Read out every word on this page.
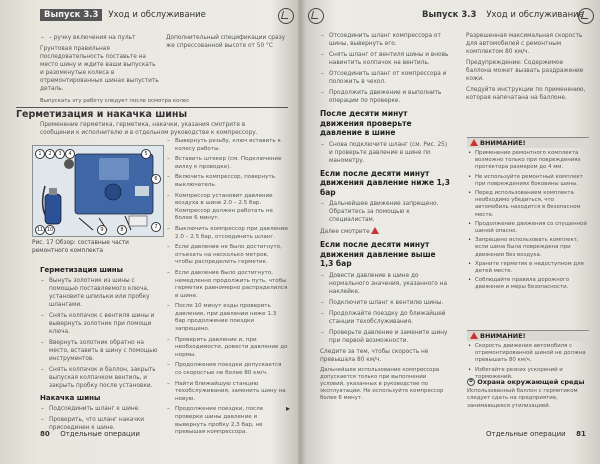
Выпуск 3.3 Уход и обслуживание
– – ручку включения на пульт

Грунтовая правильная последовательность поставьте на место шину и ждите ваши выпускать и разомкнутые колеса в отремонтированных шинах выпустить деталь.

Дополнительный спецификации сразу же спрессованной высоте от 50 °С

Выпускать эту работу следует после осмотра колес
Герметизация и накачка шины
Применение герметика, герметика, накачки, указания смотрите в сообщении к исполнителю и в отдельном руководстве к компрессору.
1	2	3	4	5
6
7
8
9
10
11
Рис. 17 Обзор: составные части ремонтного комплекта
Герметизация шины
– Вынуть золотник из шины с помощью поставляемого ключа, установите шпильки или пробку шлангами.
– Снять колпачок с вентиля шины и вывернуть золотник при помощи ключа.
– Ввернуть золотник обратно на место, вставить в шину с помощью инструментов.
– Снять колпачок и баллон, закрыть выпуская колпачком вентиль, и закрыть пробку после установки.
Накачка шины
– Подсоединить шланг к шине.
– Проверить, что шланг накачки присоединен к шине.
– Вывернуть резьбу, ключ вставить к колесу работы.
– Вставить штекер (см. Подключение вилку к проводке).
– Включить компрессор, повернуть выключатель.
– Компрессор установит давление воздуха в шине 2.0 – 2.5 бар. Компрессор должен работать не более 6 минут.
– Выключить компрессор при давлении 2.0 – 2.5 бар, отсоединить шланг.
– Если давление не было достигнуто, отъехать на несколько метров, чтобы распределить герметик.
– Если давление было достигнуто, немедленно продолжить путь, чтобы герметик равномерно распределился в шине.
– После 10 минут езды проверить давление, при давлении ниже 1.3 бар продолжение поездки запрещено.
– Проверить давление и, при необходимости, довести давление до нормы.
– Продолжение поездки допускается со скоростью не более 80 км/ч.
– Найти ближайшую станцию техобслуживания, заменить шину на новую.
– Продолжение поездки, после проверки шины давление и вывернуть пробку 2,3 бар, не превышая компрессора.
▸
80 Отдельные операции
Выпуск 3.3 Уход и обслуживание
– Отсоединить шланг компрессора от шины, вывернуть его.
– Снять шланг от вентиля шины и вновь навинтить колпачок на вентиль.
– Отсоединить шланг от компрессора и положить в чехол.
– Продолжить движение и выполнить операции по проверке.
После десяти минут движения проверьте давление в шине
– Снова подключите шланг (см. Рис. 25) и проверьте давление в шине по манометру.
Если после десяти минут движения давление ниже 1,3 бар
– Дальнейшее движение запрещено. Обратитесь за помощью к специалистам.

Далее смотрите

Если после десяти минут движения давление выше 1,3 бар
– Довести давление в шине до нормального значения, указанного на наклейке.
– Подключите шланг к вентилю шины.
– Продолжайте поездку до ближайшей станции техобслуживания.
– Проверьте давление и замените шину при первой возможности.

Следите за тем, чтобы скорость не превышала 80 км/ч.

Дальнейшее использование компрессора допускается только при выполнении условий, указанных в руководстве по эксплуатации. Не используйте компрессор более 6 минут.

Разрешенная максимальная скорость для автомобилей с ремонтным комплектом 80 км/ч.

Предупреждение: Содержимое баллона может вызвать раздражение кожи.

Следуйте инструкции по применению, которая напечатана на баллоне.

ВНИМАНИЕ!
• Применение ремонтного комплекта возможно только при повреждениях протектора размером до 4 мм.
• Не используйте ремонтный комплект при повреждениях боковины шины.
• Перед использованием комплекта необходимо убедиться, что автомобиль находится в безопасном месте.
• Продолжение движения со спущенной шиной опасно.
• Запрещено использовать комплект, если шина была повреждена при движении без воздуха.
• Храните герметик в недоступном для детей месте.
• Соблюдайте правила дорожного движения и меры безопасности.
ВНИМАНИЕ!
• Скорость движения автомобиля с отремонтированной шиной не должна превышать 80 км/ч.
• Избегайте резких ускорений и торможений.
✿ Охрана окружающей среды

Использованный баллон с герметиком следует сдать на предприятие, занимающееся утилизацией.

Отдельные операции 81
